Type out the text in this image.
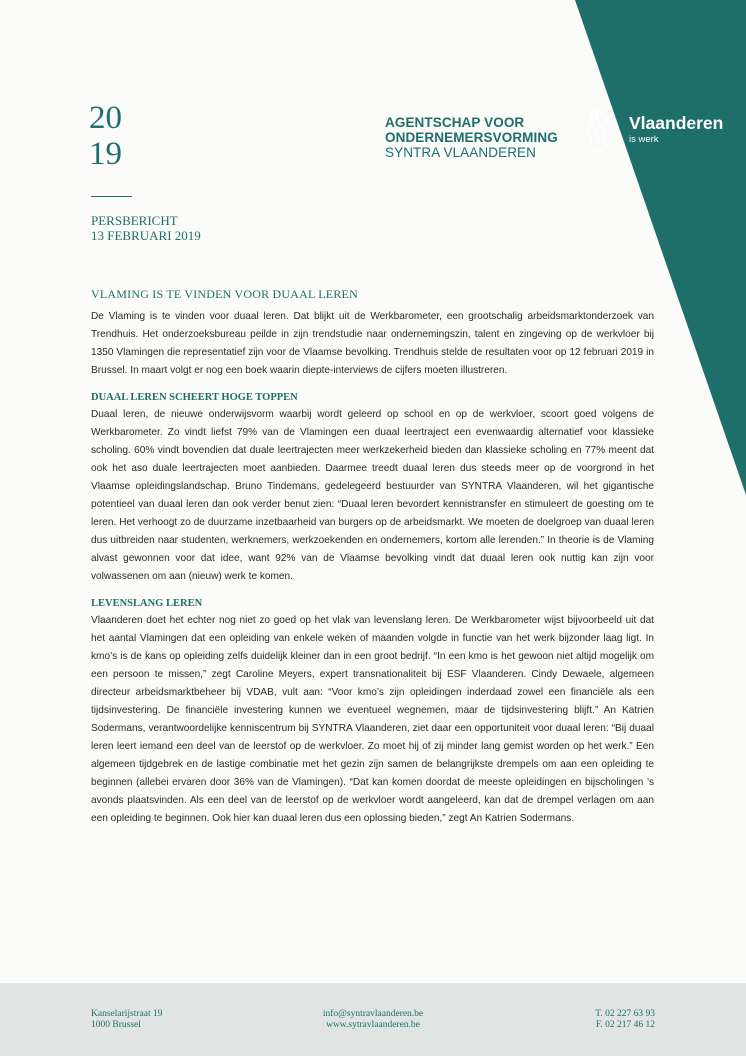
20
19
PERSBERICHT
13 FEBRUARI 2019
AGENTSCHAP VOOR
ONDERNEMERSVORMING
SYNTRA VLAANDEREN
Vlaanderen
is werk
VLAMING IS TE VINDEN VOOR DUAAL LEREN

De Vlaming is te vinden voor duaal leren. Dat blijkt uit de Werkbarometer, een grootschalig arbeidsmarktonderzoek van Trendhuis. Het onderzoeksbureau peilde in zijn trendstudie naar ondernemingszin, talent en zingeving op de werkvloer bij 1350 Vlamingen die representatief zijn voor de Vlaamse bevolking. Trendhuis stelde de resultaten voor op 12 februari 2019 in Brussel. In maart volgt er nog een boek waarin diepte-interviews de cijfers moeten illustreren.

DUAAL LEREN SCHEERT HOGE TOPPEN

Duaal leren, de nieuwe onderwijsvorm waarbij wordt geleerd op school en op de werkvloer, scoort goed volgens de Werkbarometer. Zo vindt liefst 79% van de Vlamingen een duaal leertraject een evenwaardig alternatief voor klassieke scholing. 60% vindt bovendien dat duale leertrajecten meer werkzekerheid bieden dan klassieke scholing en 77% meent dat ook het aso duale leertrajecten moet aanbieden. Daarmee treedt duaal leren dus steeds meer op de voorgrond in het Vlaamse opleidingslandschap. Bruno Tindemans, gedelegeerd bestuurder van SYNTRA Vlaanderen, wil het gigantische potentieel van duaal leren dan ook verder benut zien: “Duaal leren bevordert kennistransfer en stimuleert de goesting om te leren. Het verhoogt zo de duurzame inzetbaarheid van burgers op de arbeidsmarkt. We moeten de doelgroep van duaal leren dus uitbreiden naar studenten, werknemers, werkzoekenden en ondernemers, kortom alle lerenden.” In theorie is de Vlaming alvast gewonnen voor dat idee, want 92% van de Vlaamse bevolking vindt dat duaal leren ook nuttig kan zijn voor volwassenen om aan (nieuw) werk te komen.

LEVENSLANG LEREN

Vlaanderen doet het echter nog niet zo goed op het vlak van levenslang leren. De Werkbarometer wijst bijvoorbeeld uit dat het aantal Vlamingen dat een opleiding van enkele weken of maanden volgde in functie van het werk bijzonder laag ligt. In kmo’s is de kans op opleiding zelfs duidelijk kleiner dan in een groot bedrijf. “In een kmo is het gewoon niet altijd mogelijk om een persoon te missen,” zegt Caroline Meyers, expert transnationaliteit bij ESF Vlaanderen. Cindy Dewaele, algemeen directeur arbeidsmarktbeheer bij VDAB, vult aan: “Voor kmo’s zijn opleidingen inderdaad zowel een financiële als een tijdsinvestering. De financiële investering kunnen we eventueel wegnemen, maar de tijdsinvestering blijft.” An Katrien Sodermans, verantwoordelijke kenniscentrum bij SYNTRA Vlaanderen, ziet daar een opportuniteit voor duaal leren: “Bij duaal leren leert iemand een deel van de leerstof op de werkvloer. Zo moet hij of zij minder lang gemist worden op het werk.” Een algemeen tijdgebrek en de lastige combinatie met het gezin zijn samen de belangrijkste drempels om aan een opleiding te beginnen (allebei ervaren door 36% van de Vlamingen). “Dat kan komen doordat de meeste opleidingen en bijscholingen ’s avonds plaatsvinden. Als een deel van de leerstof op de werkvloer wordt aangeleerd, kan dat de drempel verlagen om aan een opleiding te beginnen. Ook hier kan duaal leren dus een oplossing bieden,” zegt An Katrien Sodermans.

Kanselarijstraat 19
1000 Brussel
info@syntravlaanderen.be
www.sytravlaanderen.be
T. 02 227 63 93
F. 02 217 46 12
